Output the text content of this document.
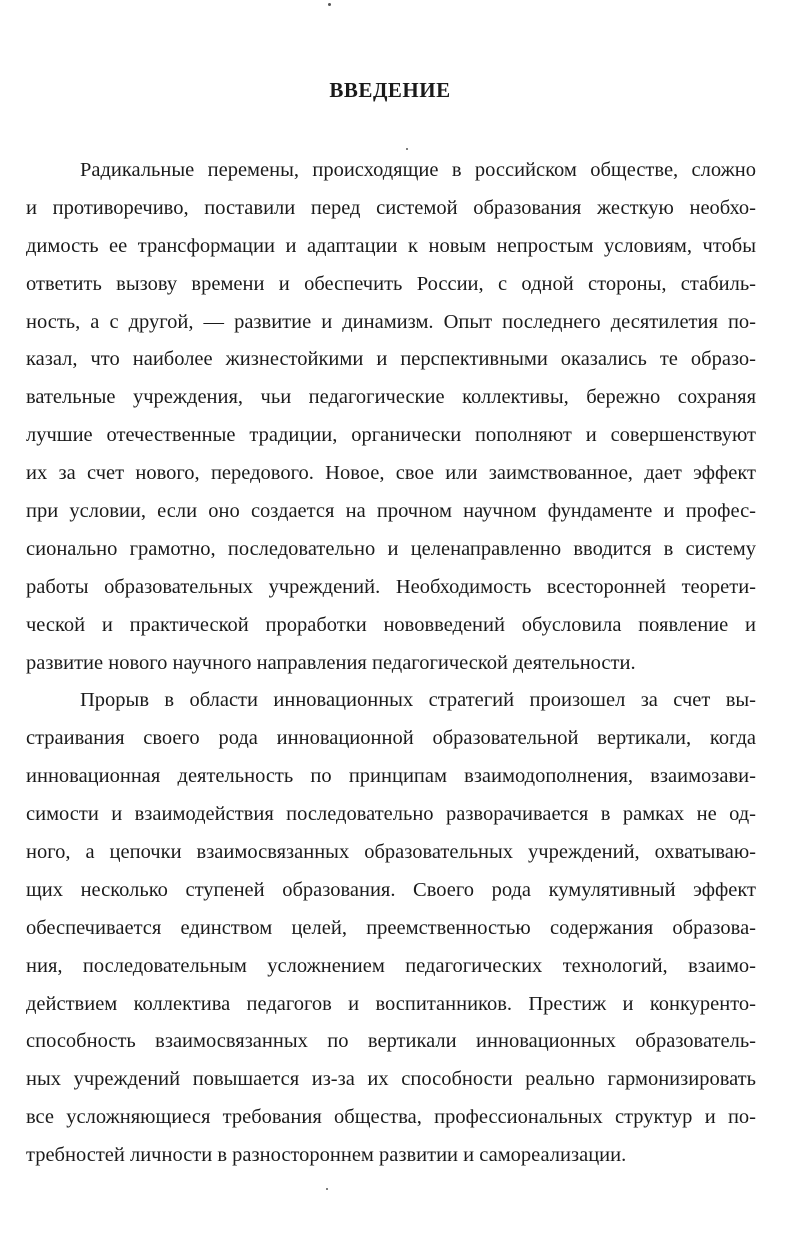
ВВЕДЕНИЕ
Радикальные перемены, происходящие в российском обществе, сложно
и противоречиво, поставили перед системой образования жесткую необхо-
димость ее трансформации и адаптации к новым непростым условиям, чтобы
ответить вызову времени и обеспечить России, с одной стороны, стабиль-
ность, а с другой, — развитие и динамизм. Опыт последнего десятилетия по-
казал, что наиболее жизнестойкими и перспективными оказались те образо-
вательные учреждения, чьи педагогические коллективы, бережно сохраняя
лучшие отечественные традиции, органически пополняют и совершенствуют
их за счет нового, передового. Новое, свое или заимствованное, дает эффект
при условии, если оно создается на прочном научном фундаменте и профес-
сионально грамотно, последовательно и целенаправленно вводится в систему
работы образовательных учреждений. Необходимость всесторонней теорети-
ческой и практической проработки нововведений обусловила появление и
развитие нового научного направления педагогической деятельности.
Прорыв в области инновационных стратегий произошел за счет вы-
страивания своего рода инновационной образовательной вертикали, когда
инновационная деятельность по принципам взаимодополнения, взаимозави-
симости и взаимодействия последовательно разворачивается в рамках не од-
ного, а цепочки взаимосвязанных образовательных учреждений, охватываю-
щих несколько ступеней образования. Своего рода кумулятивный эффект
обеспечивается единством целей, преемственностью содержания образова-
ния, последовательным усложнением педагогических технологий, взаимо-
действием коллектива педагогов и воспитанников. Престиж и конкуренто-
способность взаимосвязанных по вертикали инновационных образователь-
ных учреждений повышается из-за их способности реально гармонизировать
все усложняющиеся требования общества, профессиональных структур и по-
требностей личности в разностороннем развитии и самореализации.
